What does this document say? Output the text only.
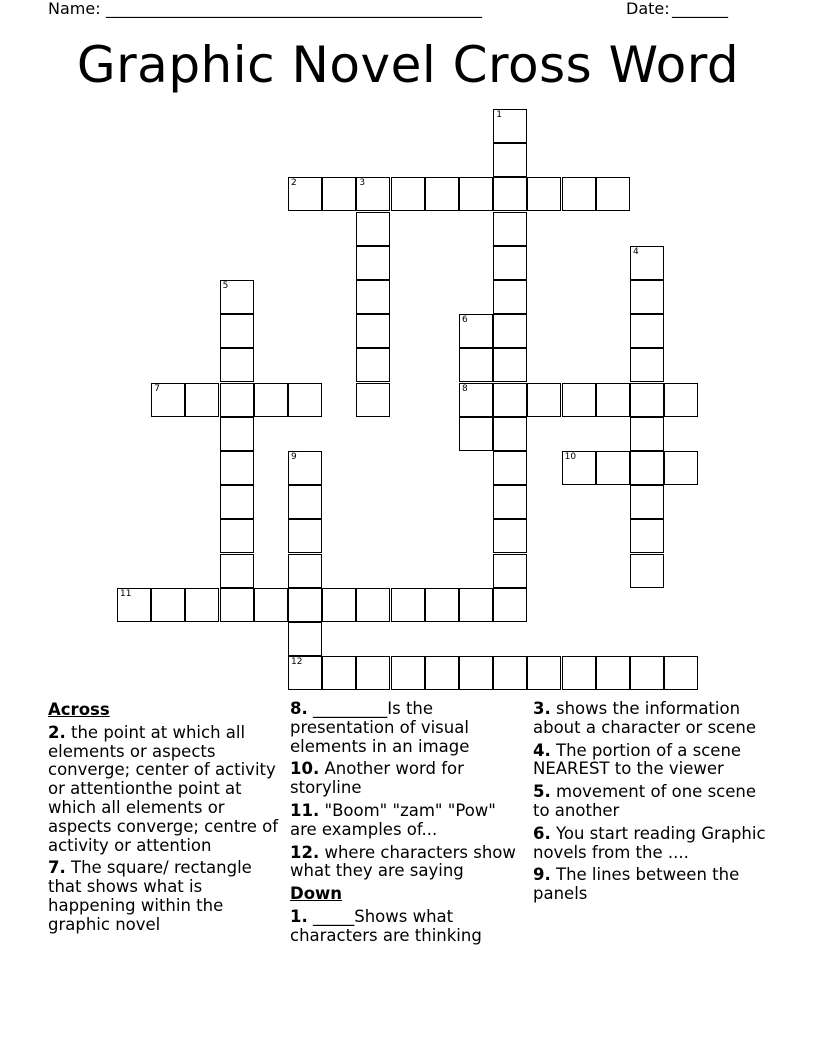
Name: _______________________________________________	Date: _______
Graphic Novel Cross Word
1
2	3
4
5
6
8
7
9
12
10
11
Across
2. the point at which all elements or aspects converge; center of activity or attentionthe point at which all elements or aspects converge; centre of activity or attention
7. The square/ rectangle that shows what is happening within the graphic novel
8. _________Is the presentation of visual elements in an image
10. Another word for storyline
11. "Boom" "zam" "Pow" are examples of...
12. where characters show what they are saying
Down
1. _____Shows what characters are thinking
3. shows the information about a character or scene
4. The portion of a scene NEAREST to the viewer
5. movement of one scene to another
6. You start reading Graphic novels from the ....
9. The lines between the panels
